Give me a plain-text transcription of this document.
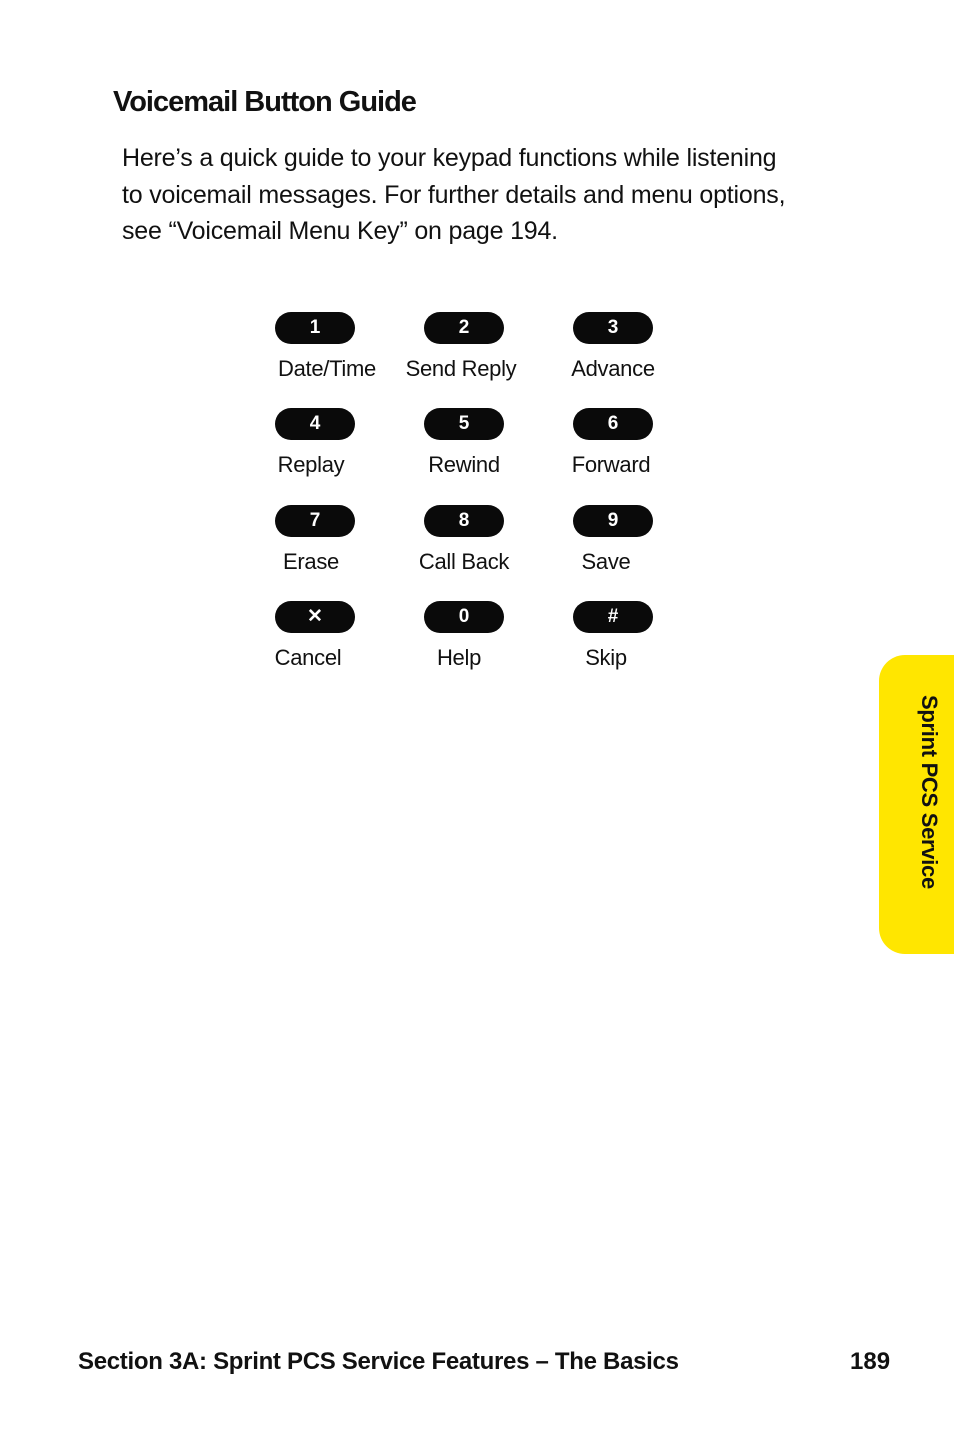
Voicemail Button Guide

Here’s a quick guide to your keypad functions while listening

to voicemail messages. For further details and menu options,

see “Voicemail Menu Key” on page 194.

1
Date/Time
2
Send Reply
3
Advance
4
Replay
5
Rewind
6
Forward
7
Erase
8
Call Back
9
Save
✕
Cancel
0
Help
#
Skip
Sprint PCS Service
Section 3A: Sprint PCS Service Features – The Basics	189
